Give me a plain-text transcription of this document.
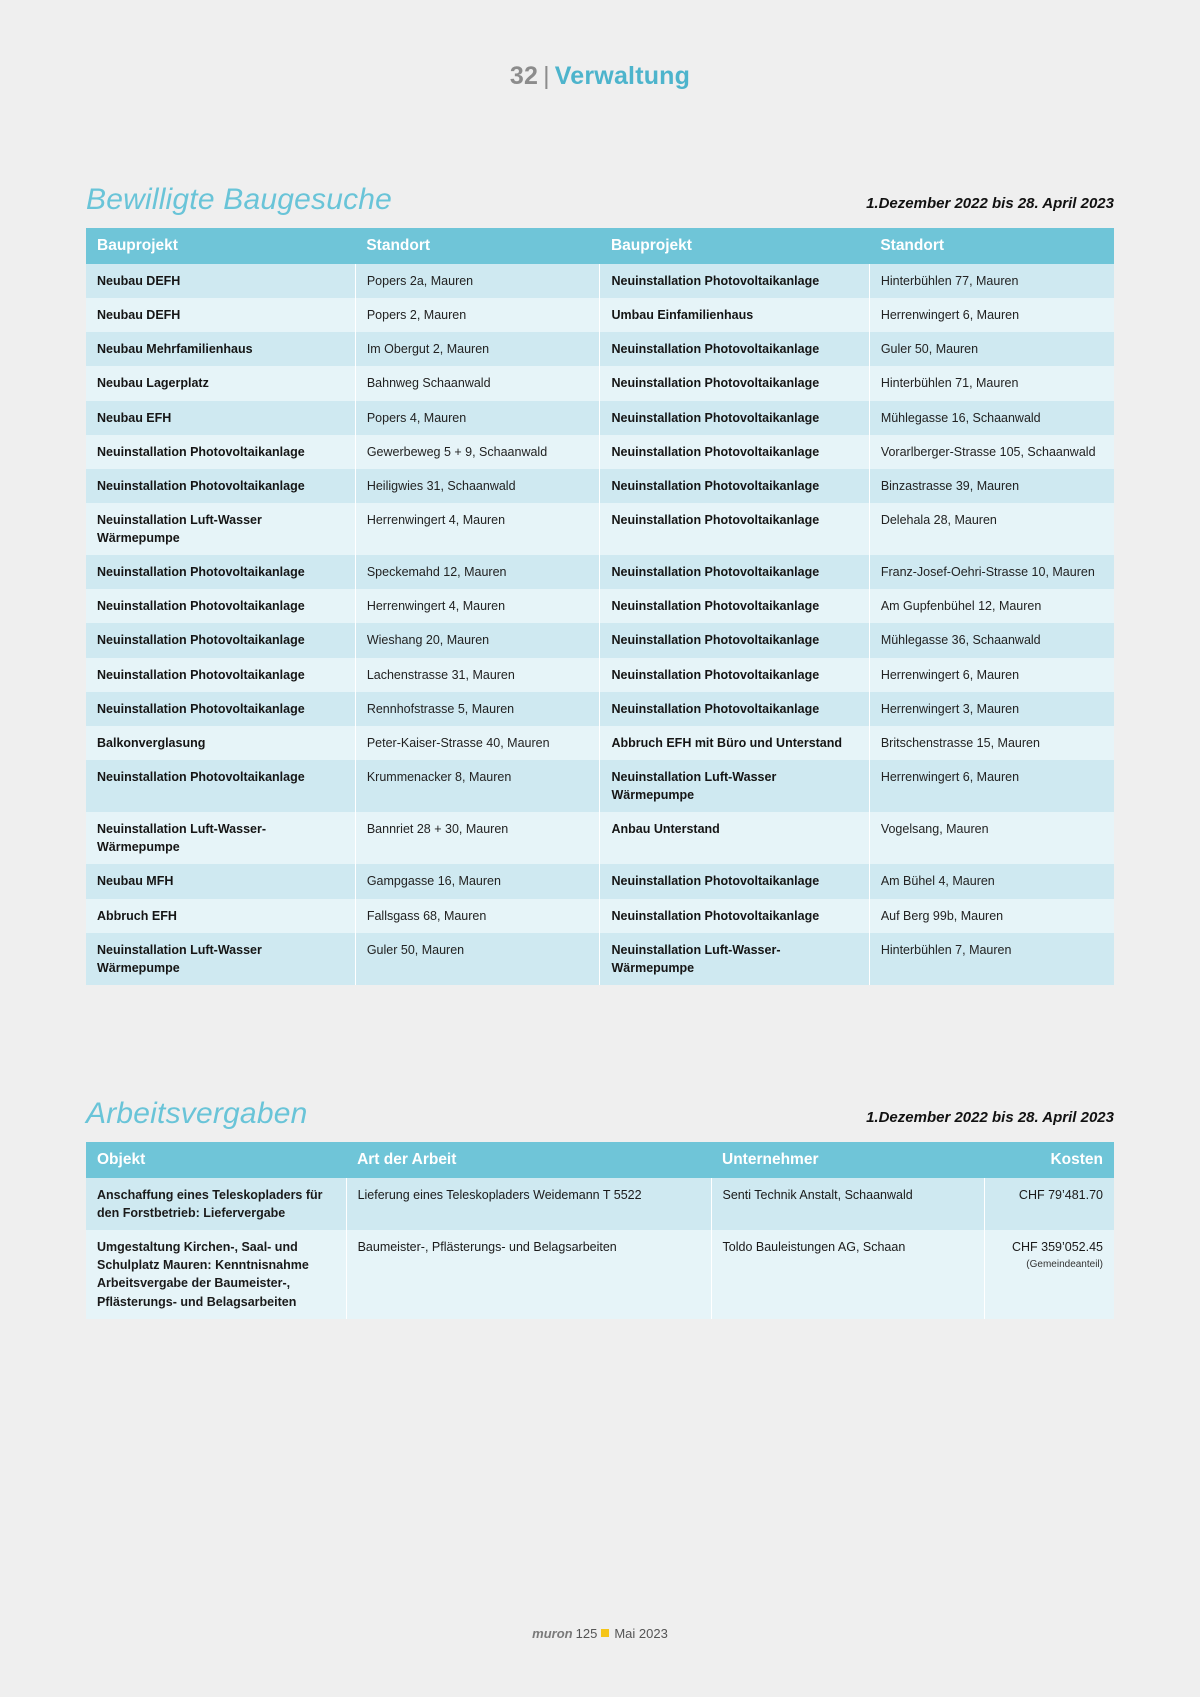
32 | Verwaltung
Bewilligte Baugesuche	1.Dezember 2022 bis 28. April 2023
Bauprojekt	Standort	Bauprojekt	Standort
Neubau DEFH	Popers 2a, Mauren	Neuinstallation Photovoltaikanlage	Hinterbühlen 77, Mauren
Neubau DEFH	Popers 2, Mauren	Umbau Einfamilienhaus	Herrenwingert 6, Mauren
Neubau Mehrfamilienhaus	Im Obergut 2, Mauren	Neuinstallation Photovoltaikanlage	Guler 50, Mauren
Neubau Lagerplatz	Bahnweg Schaanwald	Neuinstallation Photovoltaikanlage	Hinterbühlen 71, Mauren
Neubau EFH	Popers 4, Mauren	Neuinstallation Photovoltaikanlage	Mühlegasse 16, Schaanwald
Neuinstallation Photovoltaikanlage	Gewerbeweg 5 + 9, Schaanwald	Neuinstallation Photovoltaikanlage	Vorarlberger-Strasse 105, Schaanwald
Neuinstallation Photovoltaikanlage	Heiligwies 31, Schaanwald	Neuinstallation Photovoltaikanlage	Binzastrasse 39, Mauren
Neuinstallation Luft-Wasser Wärmepumpe	Herrenwingert 4, Mauren	Neuinstallation Photovoltaikanlage	Delehala 28, Mauren
Neuinstallation Photovoltaikanlage	Speckemahd 12, Mauren	Neuinstallation Photovoltaikanlage	Franz-Josef-Oehri-Strasse 10, Mauren
Neuinstallation Photovoltaikanlage	Herrenwingert 4, Mauren	Neuinstallation Photovoltaikanlage	Am Gupfenbühel 12, Mauren
Neuinstallation Photovoltaikanlage	Wieshang 20, Mauren	Neuinstallation Photovoltaikanlage	Mühlegasse 36, Schaanwald
Neuinstallation Photovoltaikanlage	Lachenstrasse 31, Mauren	Neuinstallation Photovoltaikanlage	Herrenwingert 6, Mauren
Neuinstallation Photovoltaikanlage	Rennhofstrasse 5, Mauren	Neuinstallation Photovoltaikanlage	Herrenwingert 3, Mauren
Balkonverglasung	Peter-Kaiser-Strasse 40, Mauren	Abbruch EFH mit Büro und Unterstand	Britschenstrasse 15, Mauren
Neuinstallation Photovoltaikanlage	Krummenacker 8, Mauren	Neuinstallation Luft-Wasser Wärmepumpe	Herrenwingert 6, Mauren
Neuinstallation Luft-Wasser-Wärmepumpe	Bannriet 28 + 30, Mauren	Anbau Unterstand	Vogelsang, Mauren
Neubau MFH	Gampgasse 16, Mauren	Neuinstallation Photovoltaikanlage	Am Bühel 4, Mauren
Abbruch EFH	Fallsgass 68, Mauren	Neuinstallation Photovoltaikanlage	Auf Berg 99b, Mauren
Neuinstallation Luft-Wasser Wärmepumpe	Guler 50, Mauren	Neuinstallation Luft-Wasser-Wärmepumpe	Hinterbühlen 7, Mauren
Arbeitsvergaben	1.Dezember 2022 bis 28. April 2023
Objekt	Art der Arbeit	Unternehmer	Kosten
Anschaffung eines Teleskopladers für den Forstbetrieb: Liefervergabe	Lieferung eines Teleskopladers Weidemann T 5522	Senti Technik Anstalt, Schaanwald	CHF 79’481.70
Umgestaltung Kirchen-, Saal- und Schulplatz Mauren: Kenntnisnahme Arbeitsvergabe der Baumeister-, Pflästerungs- und Belagsarbeiten	Baumeister-, Pflästerungs- und Belagsarbeiten	Toldo Bauleistungen AG, Schaan	CHF 359’052.45
(Gemeindeanteil)
muron 125 Mai 2023
